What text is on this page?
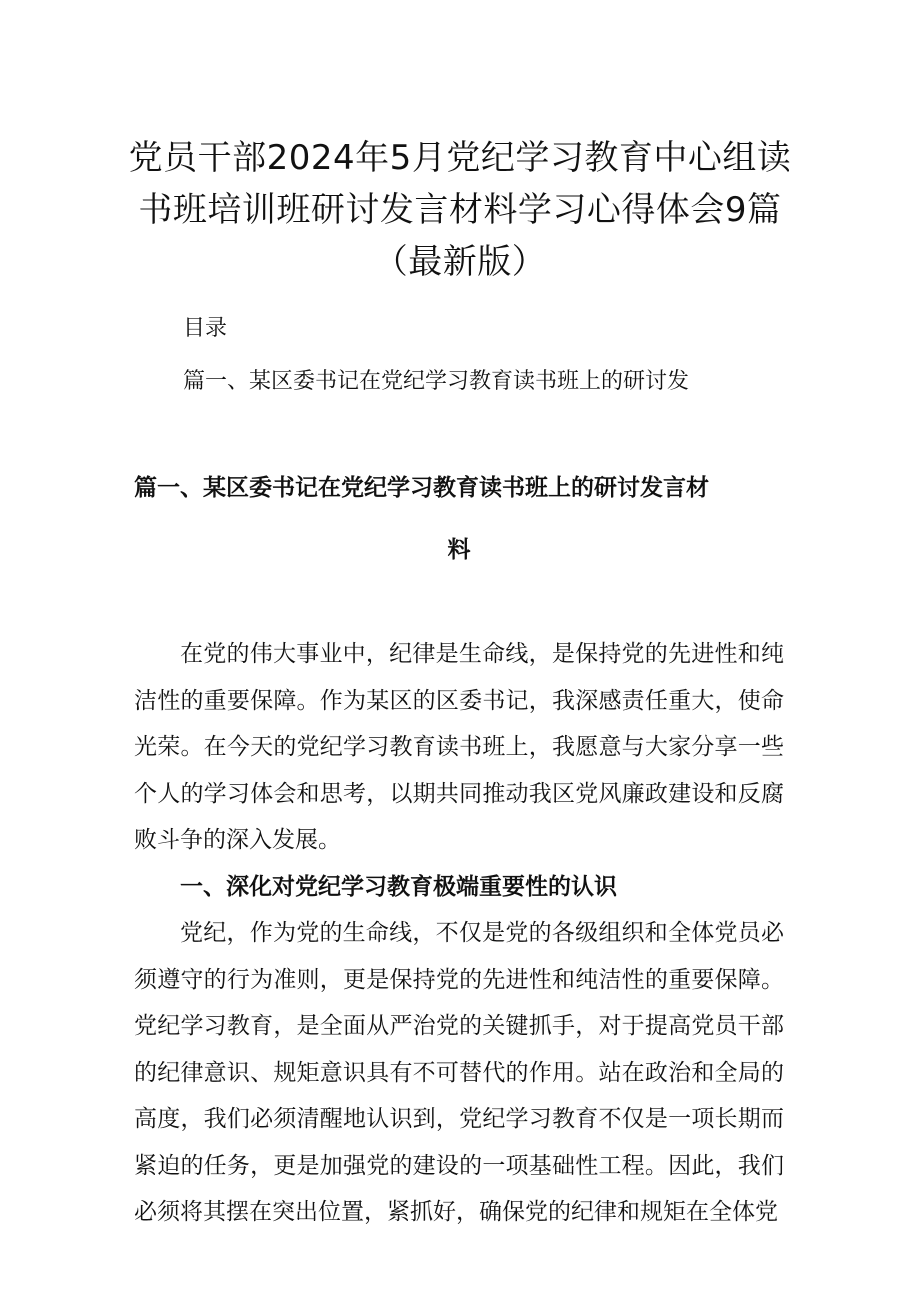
党员干部2024年5月党纪学习教育中心组读书班培训班研讨发言材料学习心得体会9篇（最新版）
目录
篇一、某区委书记在党纪学习教育读书班上的研讨发
篇一、某区委书记在党纪学习教育读书班上的研讨发言材
料

在党的伟大事业中，纪律是生命线，是保持党的先进性和纯洁性的重要保障。作为某区的区委书记，我深感责任重大，使命光荣。在今天的党纪学习教育读书班上，我愿意与大家分享一些个人的学习体会和思考，以期共同推动我区党风廉政建设和反腐败斗争的深入发展。

一、深化对党纪学习教育极端重要性的认识

党纪，作为党的生命线，不仅是党的各级组织和全体党员必须遵守的行为准则，更是保持党的先进性和纯洁性的重要保障。党纪学习教育，是全面从严治党的关键抓手，对于提高党员干部的纪律意识、规矩意识具有不可替代的作用。站在政治和全局的高度，我们必须清醒地认识到，党纪学习教育不仅是一项长期而紧迫的任务，更是加强党的建设的一项基础性工程。因此，我们必须将其摆在突出位置，紧抓好，确保党的纪律和规矩在全体党
